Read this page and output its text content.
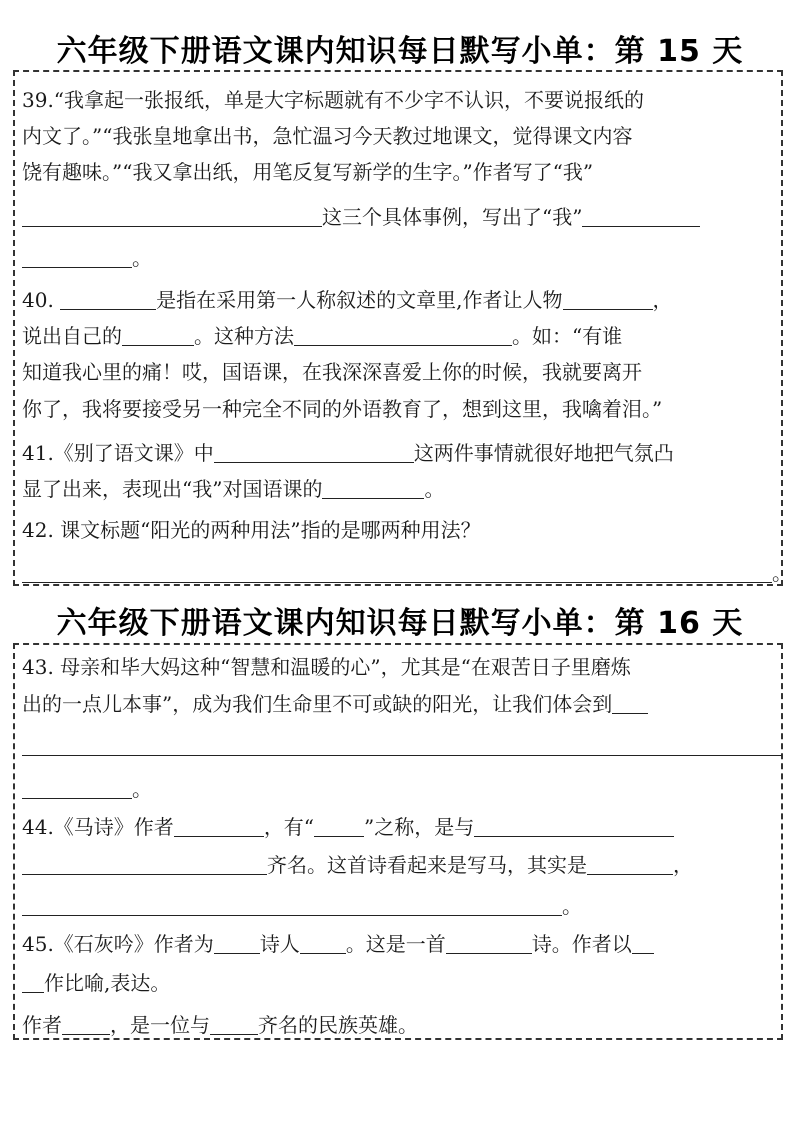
六年级下册语文课内知识每日默写小单：第 15 天
六年级下册语文课内知识每日默写小单：第 16 天
39.“我拿起一张报纸，单是大字标题就有不少字不认识，不要说报纸的
内文了。”“我张皇地拿出书，急忙温习今天教过地课文，觉得课文内容
饶有趣味。”“我又拿出纸，用笔反复写新学的生字。”作者写了“我”
这三个具体事例，写出了“我”
。
40.	是指在采用第一人称叙述的文章里,作者让人物	，
说出自己的	。这种方法	。如：“有谁
知道我心里的痛！哎，国语课，在我深深喜爱上你的时候，我就要离开
你了，我将要接受另一种完全不同的外语教育了，想到这里，我噙着泪。”
41.《别了语文课》中	这两件事情就很好地把气氛凸
显了出来，表现出“我”对国语课的	。
42. 课文标题“阳光的两种用法”指的是哪两种用法？
。
43. 母亲和毕大妈这种“智慧和温暖的心”，尤其是“在艰苦日子里磨炼
出的一点儿本事”，成为我们生命里不可或缺的阳光，让我们体会到
。
44.《马诗》作者	，有“	”之称，是与
齐名。这首诗看起来是写马，其实是	，
。
45.《石灰吟》作者为 诗人 。这是一首	诗。作者以
作比喻,表达。
作者 ，是一位与 齐名的民族英雄。
